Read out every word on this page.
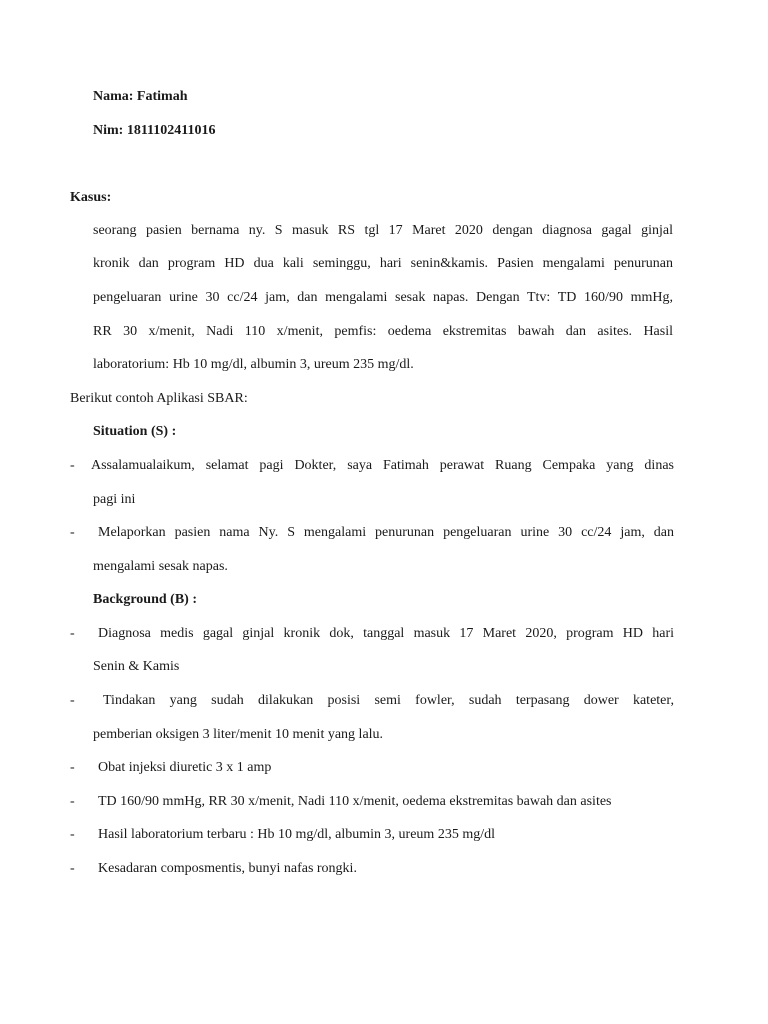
Nama: Fatimah
Nim: 1811102411016
Kasus:
seorang pasien bernama ny. S masuk RS tgl 17 Maret 2020 dengan diagnosa gagal ginjal
kronik dan program HD dua kali seminggu, hari senin&kamis. Pasien mengalami penurunan
pengeluaran urine 30 cc/24 jam, dan mengalami sesak napas. Dengan Ttv: TD 160/90 mmHg,
RR 30 x/menit, Nadi 110 x/menit, pemfis: oedema ekstremitas bawah dan asites. Hasil
laboratorium: Hb 10 mg/dl, albumin 3, ureum 235 mg/dl.
Berikut contoh Aplikasi SBAR:
Situation (S) :
- Assalamualaikum, selamat pagi Dokter, saya Fatimah perawat Ruang Cempaka yang dinas
pagi ini
- Melaporkan pasien nama Ny. S mengalami penurunan pengeluaran urine 30 cc/24 jam, dan
mengalami sesak napas.
Background (B) :
- Diagnosa medis gagal ginjal kronik dok, tanggal masuk 17 Maret 2020, program HD hari
Senin & Kamis
- Tindakan yang sudah dilakukan posisi semi fowler, sudah terpasang dower kateter,
pemberian oksigen 3 liter/menit 10 menit yang lalu.
- Obat injeksi diuretic 3 x 1 amp
- TD 160/90 mmHg, RR 30 x/menit, Nadi 110 x/menit, oedema ekstremitas bawah dan asites
- Hasil laboratorium terbaru : Hb 10 mg/dl, albumin 3, ureum 235 mg/dl
- Kesadaran composmentis, bunyi nafas rongki.
